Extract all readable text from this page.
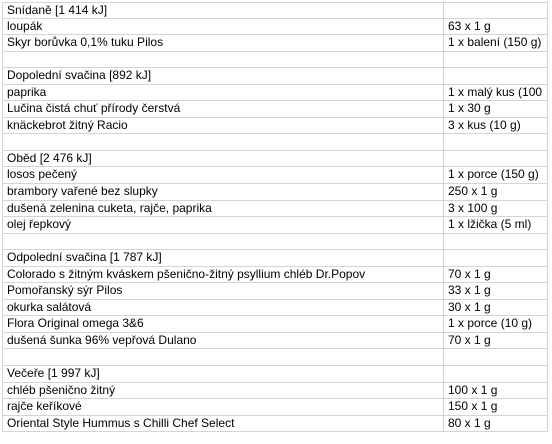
Snídaně [1 414 kJ]
loupák	63 x 1 g
Skyr borůvka 0,1% tuku Pilos	1 x balení (150 g)
Dopolední svačina [892 kJ]
paprika	1 x malý kus (100
Lučina čistá chuť přírody čerstvá	1 x 30 g
knäckebrot žitný Racio	3 x kus (10 g)
Oběd [2 476 kJ]
losos pečený	1 x porce (150 g)
brambory vařené bez slupky	250 x 1 g
dušená zelenina cuketa, rajče, paprika	3 x 100 g
olej řepkový	1 x lžička (5 ml)
Odpolední svačina [1 787 kJ]
Colorado s žitným kváskem pšeničnо-žitný psyllium chléb Dr.Popov	70 x 1 g
Pomořanský sýr Pilos	33 x 1 g
okurka salátová	30 x 1 g
Flora Original omega 3&6	1 x porce (10 g)
dušená šunka 96% vepřová Dulano	70 x 1 g
Večeře [1 997 kJ]
chléb pšeničnо žitný	100 x 1 g
rajče keříkové	150 x 1 g
Oriental Style Hummus s Chilli Chef Select	80 x 1 g
